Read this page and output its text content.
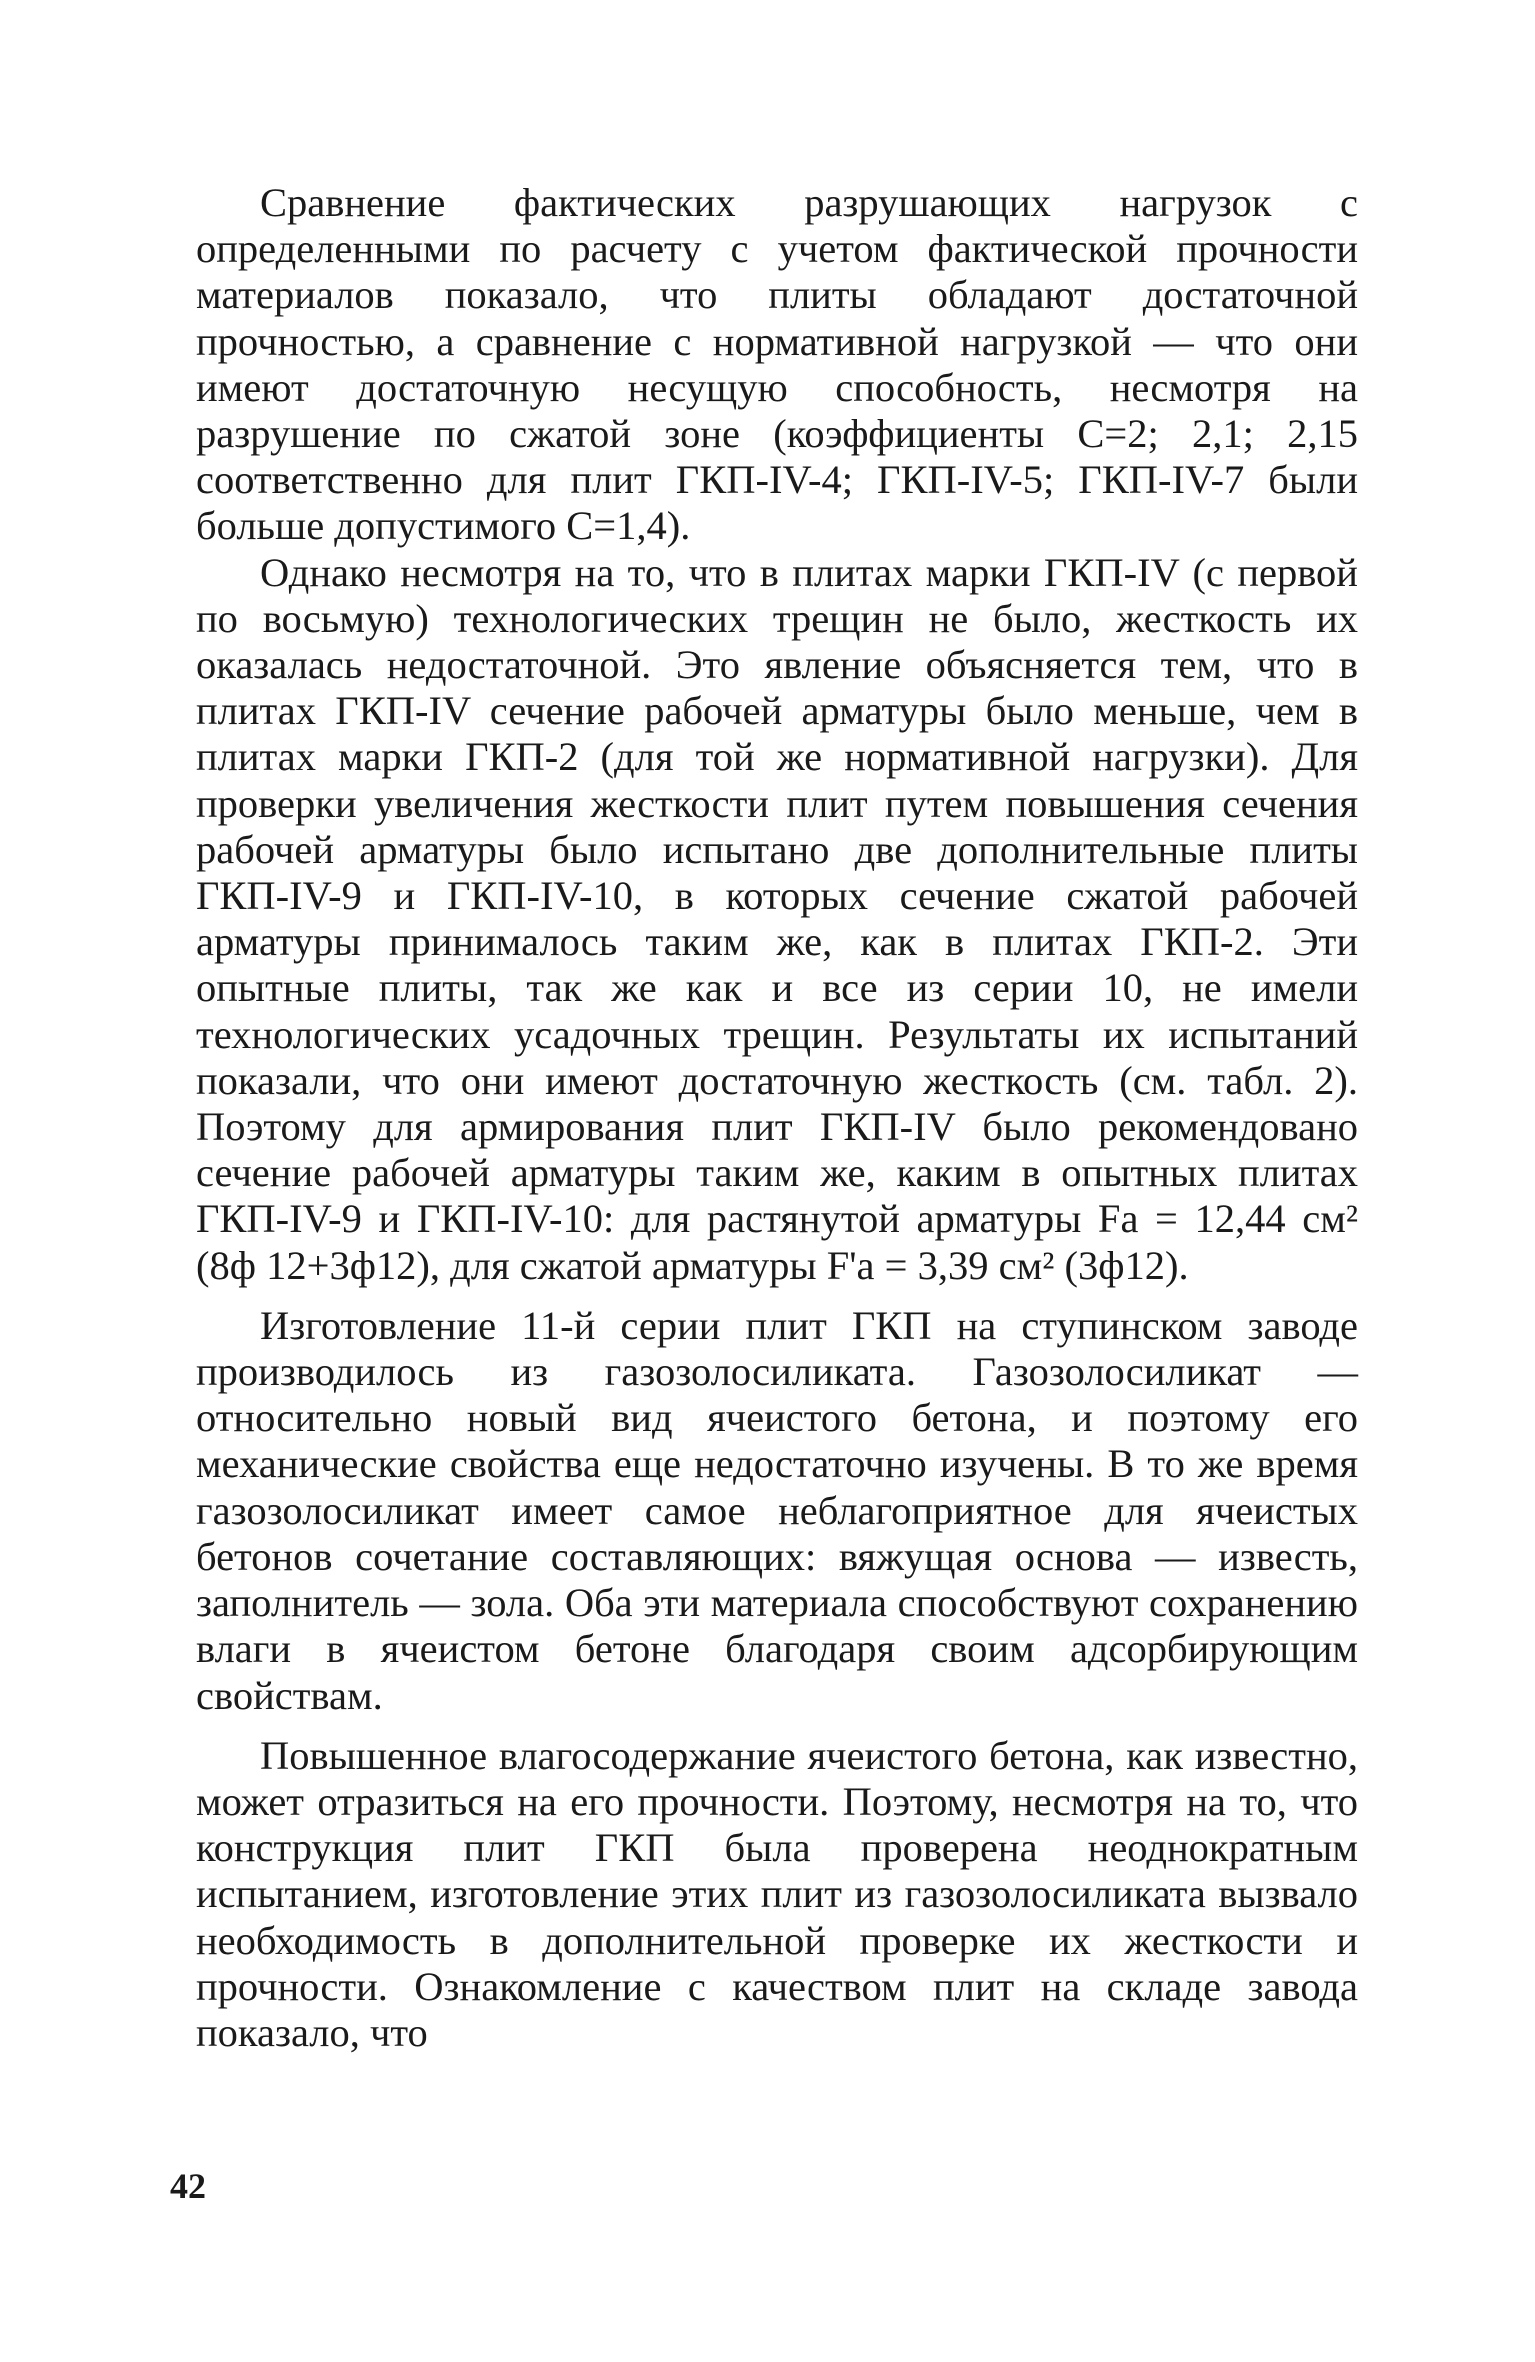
Сравнение фактических разрушающих нагрузок с определенными по расчету с учетом фактической прочности материалов показало, что плиты обладают достаточной прочностью, а сравнение с нормативной нагрузкой — что они имеют достаточную несущую способность, несмотря на разрушение по сжатой зоне (коэффициенты C=2; 2,1; 2,15 соответственно для плит ГКП-IV-4; ГКП-IV-5; ГКП-IV-7 были больше допустимого C=1,4).

Однако несмотря на то, что в плитах марки ГКП-IV (с первой по восьмую) технологических трещин не было, жесткость их оказалась недостаточной. Это явление объясняется тем, что в плитах ГКП-IV сечение рабочей арматуры было меньше, чем в плитах марки ГКП-2 (для той же нормативной нагрузки). Для проверки увеличения жесткости плит путем повышения сечения рабочей арматуры было испытано две дополнительные плиты ГКП-IV-9 и ГКП-IV-10, в которых сечение сжатой рабочей арматуры принималось таким же, как в плитах ГКП-2. Эти опытные плиты, так же как и все из серии 10, не имели технологических усадочных трещин. Результаты их испытаний показали, что они имеют достаточную жесткость (см. табл. 2). Поэтому для армирования плит ГКП-IV было рекомендовано сечение рабочей арматуры таким же, каким в опытных плитах ГКП-IV-9 и ГКП-IV-10: для растянутой арматуры Fа = 12,44 см² (8ф 12+3ф12), для сжатой арматуры F'а = 3,39 см² (3ф12).

Изготовление 11-й серии плит ГКП на ступинском заводе производилось из газозолосиликата. Газозолосиликат — относительно новый вид ячеистого бетона, и поэтому его механические свойства еще недостаточно изучены. В то же время газозолосиликат имеет самое неблагоприятное для ячеистых бетонов сочетание составляющих: вяжущая основа — известь, заполнитель — зола. Оба эти материала способствуют сохранению влаги в ячеистом бетоне благодаря своим адсорбирующим свойствам.

Повышенное влагосодержание ячеистого бетона, как известно, может отразиться на его прочности. Поэтому, несмотря на то, что конструкция плит ГКП была проверена неоднократным испытанием, изготовление этих плит из газозолосиликата вызвало необходимость в дополнительной проверке их жесткости и прочности. Ознакомление с качеством плит на складе завода показало, что

42
